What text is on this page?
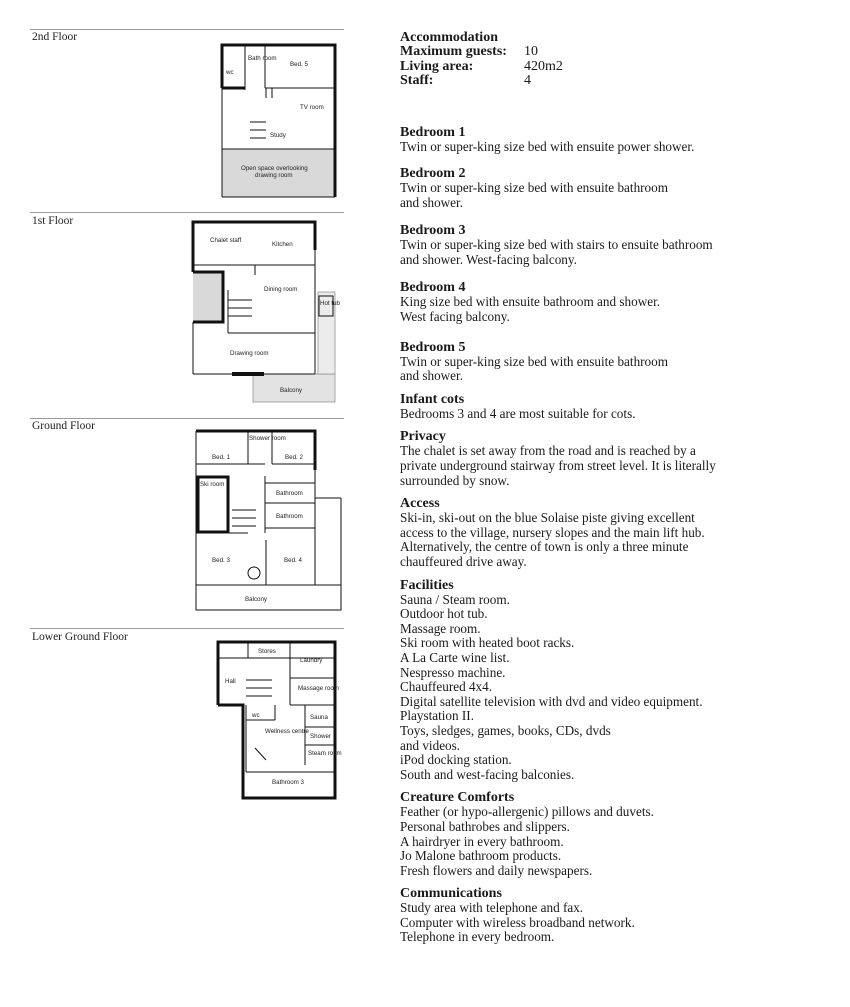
2nd Floor
1st Floor
Ground Floor
Lower Ground Floor
wc
Bath room
Bed. 5
TV room
Study
Open space overlooking
drawing room
Chalet staff
Kitchen
Dining room
Hot tub
Drawing room
Balcony
Shower room
Bed. 1	Bed. 2
Ski room
Bathroom
Bathroom
Bed. 3	Bed. 4
Balcony
Stores
Laundry
Hall
Massage room
wc	Sauna
Wellness centre
Shower
Steam room
Bathroom 3
Accommodation
Maximum guests:	10
Living area:	420m2
Staff:	4
Bedroom 1
Twin or super-king size bed with ensuite power shower.
Bedroom 2
Twin or super-king size bed with ensuite bathroom
and shower.
Bedroom 3
Twin or super-king size bed with stairs to ensuite bathroom
and shower. West-facing balcony.
Bedroom 4
King size bed with ensuite bathroom and shower.
West facing balcony.
Bedroom 5
Twin or super-king size bed with ensuite bathroom
and shower.
Infant cots
Bedrooms 3 and 4 are most suitable for cots.
Privacy
The chalet is set away from the road and is reached by a
private underground stairway from street level. It is literally
surrounded by snow.
Access
Ski-in, ski-out on the blue Solaise piste giving excellent
access to the village, nursery slopes and the main lift hub.
Alternatively, the centre of town is only a three minute
chauffeured drive away.
Facilities
Sauna / Steam room.
Outdoor hot tub.
Massage room.
Ski room with heated boot racks.
A La Carte wine list.
Nespresso machine.
Chauffeured 4x4.
Digital satellite television with dvd and video equipment.
Playstation II.
Toys, sledges, games, books, CDs, dvds
and videos.
iPod docking station.
South and west-facing balconies.
Creature Comforts
Feather (or hypo-allergenic) pillows and duvets.
Personal bathrobes and slippers.
A hairdryer in every bathroom.
Jo Malone bathroom products.
Fresh flowers and daily newspapers.
Communications
Study area with telephone and fax.
Computer with wireless broadband network.
Telephone in every bedroom.
